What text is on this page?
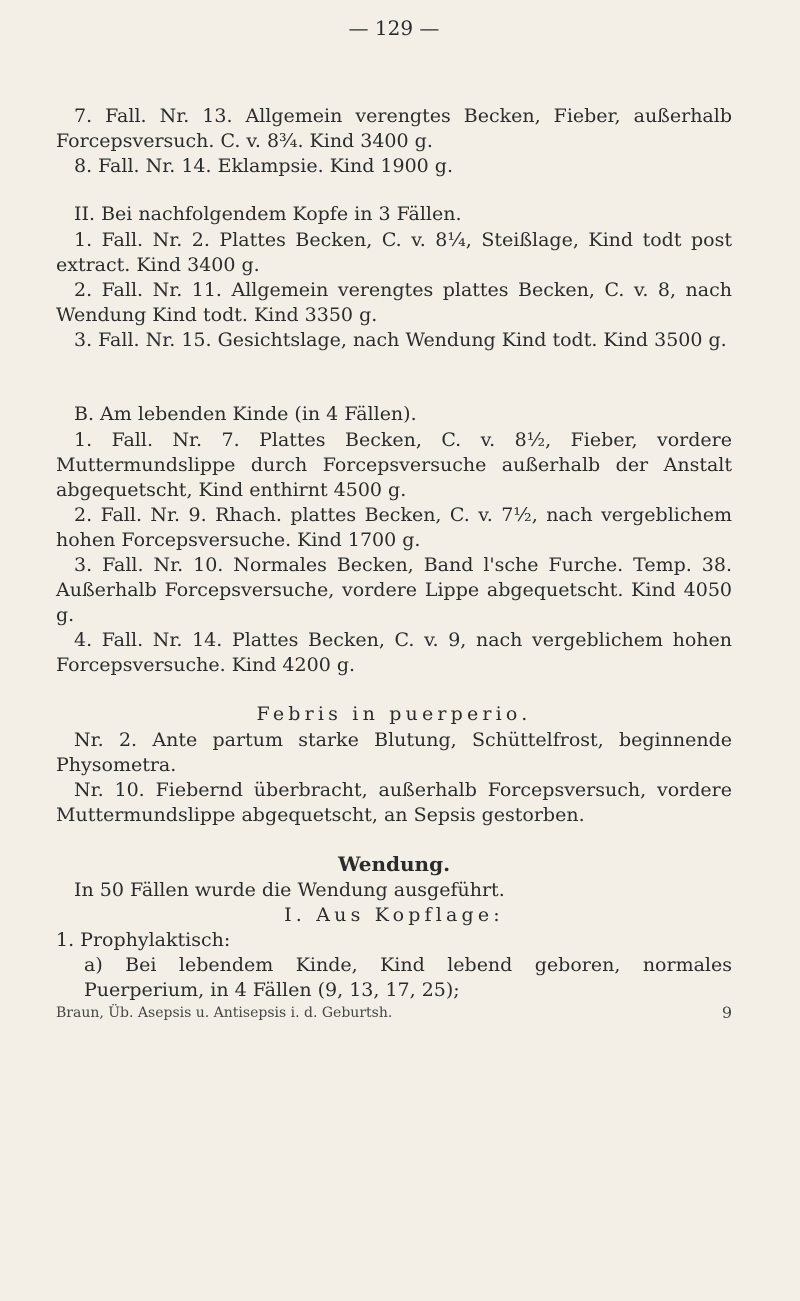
— 129 —

7. Fall. Nr. 13. Allgemein verengtes Becken, Fieber, außerhalb Forcepsversuch. C. v. 8¾. Kind 3400 g.

8. Fall. Nr. 14. Eklampsie. Kind 1900 g.

II. Bei nachfolgendem Kopfe in 3 Fällen.

1. Fall. Nr. 2. Plattes Becken, C. v. 8¼, Steißlage, Kind todt post extract. Kind 3400 g.

2. Fall. Nr. 11. Allgemein verengtes plattes Becken, C. v. 8, nach Wendung Kind todt. Kind 3350 g.

3. Fall. Nr. 15. Gesichtslage, nach Wendung Kind todt. Kind 3500 g.

B. Am lebenden Kinde (in 4 Fällen).

1. Fall. Nr. 7. Plattes Becken, C. v. 8½, Fieber, vordere Muttermundslippe durch Forcepsversuche außerhalb der Anstalt abgequetscht, Kind enthirnt 4500 g.

2. Fall. Nr. 9. Rhach. plattes Becken, C. v. 7½, nach vergeblichem hohen Forcepsversuche. Kind 1700 g.

3. Fall. Nr. 10. Normales Becken, Band l'sche Furche. Temp. 38. Außerhalb Forcepsversuche, vordere Lippe abgequetscht. Kind 4050 g.

4. Fall. Nr. 14. Plattes Becken, C. v. 9, nach vergeblichem hohen Forcepsversuche. Kind 4200 g.

Febris in puerperio.

Nr. 2. Ante partum starke Blutung, Schüttelfrost, beginnende Physometra.

Nr. 10. Fiebernd überbracht, außerhalb Forcepsversuch, vordere Muttermundslippe abgequetscht, an Sepsis gestorben.

Wendung.

In 50 Fällen wurde die Wendung ausgeführt.

I. Aus Kopflage:

1. Prophylaktisch:

a) Bei lebendem Kinde, Kind lebend geboren, normales Puerperium, in 4 Fällen (9, 13, 17, 25);

Braun, Üb. Asepsis u. Antisepsis i. d. Geburtsh.	9
